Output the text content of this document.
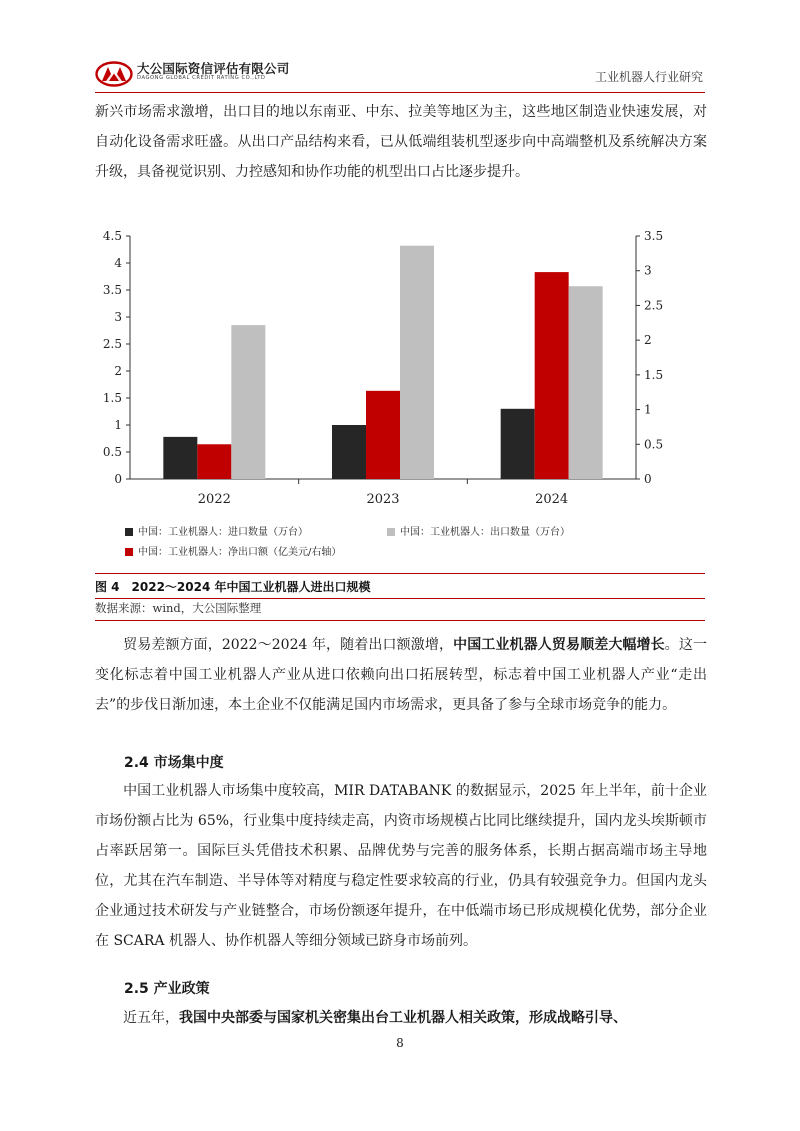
大公国际资信评估有限公司
DAGONG GLOBAL CREDIT RATING CO.,LTD	工业机器人行业研究

新兴市场需求激增，出口目的地以东南亚、中东、拉美等地区为主，这些地区制造业快速发展，对自动化设备需求旺盛。从出口产品结构来看，已从低端组装机型逐步向中高端整机及系统解决方案升级，具备视觉识别、力控感知和协作功能的机型出口占比逐步提升。

0
0.5
1
1.5
2
2.5
3
3.5
4
4.5
0
0.5
1
1.5
2
2.5
3
3.5
2022	2023	2024
中国：工业机器人：进口数量（万台）	中国：工业机器人：出口数量（万台）
中国：工业机器人：净出口额（亿美元/右轴）
图 4　2022～2024 年中国工业机器人进出口规模
数据来源：wind，大公国际整理

贸易差额方面，2022～2024 年，随着出口额激增，中国工业机器人贸易顺差大幅增长。这一变化标志着中国工业机器人产业从进口依赖向出口拓展转型，标志着中国工业机器人产业“走出去”的步伐日渐加速，本土企业不仅能满足国内市场需求，更具备了参与全球市场竞争的能力。

2.4 市场集中度

中国工业机器人市场集中度较高，MIR DATABANK 的数据显示，2025 年上半年，前十企业市场份额占比为 65%，行业集中度持续走高，内资市场规模占比同比继续提升，国内龙头埃斯顿市占率跃居第一。国际巨头凭借技术积累、品牌优势与完善的服务体系，长期占据高端市场主导地位，尤其在汽车制造、半导体等对精度与稳定性要求较高的行业，仍具有较强竞争力。但国内龙头企业通过技术研发与产业链整合，市场份额逐年提升，在中低端市场已形成规模化优势，部分企业在 SCARA 机器人、协作机器人等细分领域已跻身市场前列。

2.5 产业政策

近五年，我国中央部委与国家机关密集出台工业机器人相关政策，形成战略引导、

8
